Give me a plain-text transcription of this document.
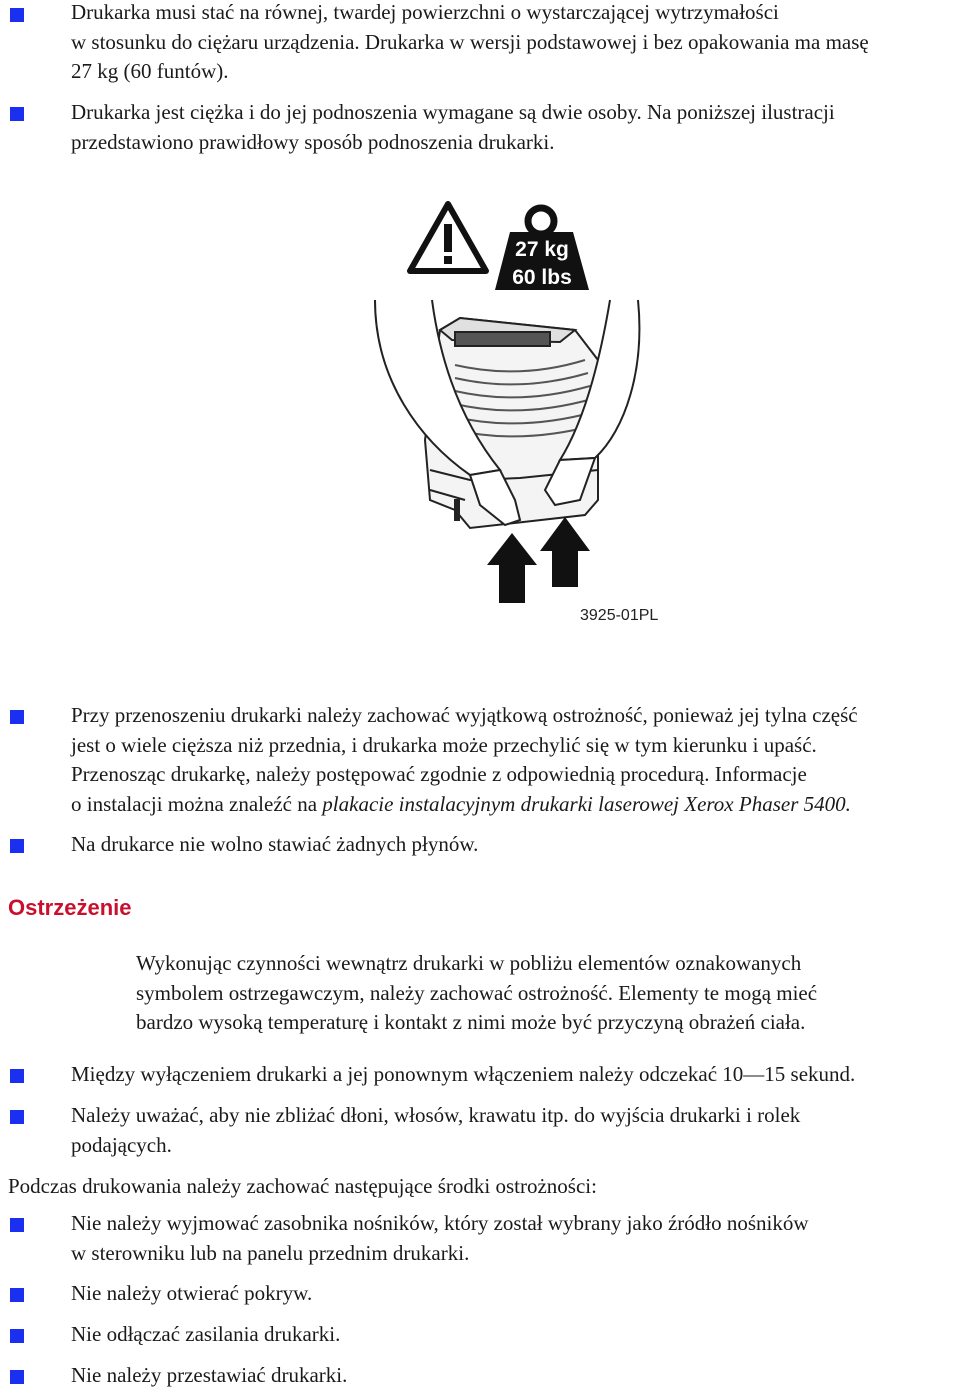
Drukarka musi stać na równej, twardej powierzchni o wystarczającej wytrzymałości

w stosunku do ciężaru urządzenia. Drukarka w wersji podstawowej i bez opakowania ma masę

27 kg (60 funtów).

Drukarka jest ciężka i do jej podnoszenia wymagane są dwie osoby. Na poniższej ilustracji

przedstawiono prawidłowy sposób podnoszenia drukarki.

27 kg
60 lbs
3925-01PL

Przy przenoszeniu drukarki należy zachować wyjątkową ostrożność, ponieważ jej tylna część

jest o wiele cięższa niż przednia, i drukarka może przechylić się w tym kierunku i upaść.

Przenosząc drukarkę, należy postępować zgodnie z odpowiednią procedurą. Informacje

o instalacji można znaleźć na plakacie instalacyjnym drukarki laserowej Xerox Phaser 5400.

Na drukarce nie wolno stawiać żadnych płynów.

Ostrzeżenie

Wykonując czynności wewnątrz drukarki w pobliżu elementów oznakowanych

symbolem ostrzegawczym, należy zachować ostrożność. Elementy te mogą mieć

bardzo wysoką temperaturę i kontakt z nimi może być przyczyną obrażeń ciała.

Między wyłączeniem drukarki a jej ponownym włączeniem należy odczekać 10—15 sekund.

Należy uważać, aby nie zbliżać dłoni, włosów, krawatu itp. do wyjścia drukarki i rolek

podających.

Podczas drukowania należy zachować następujące środki ostrożności:

Nie należy wyjmować zasobnika nośników, który został wybrany jako źródło nośników

w sterowniku lub na panelu przednim drukarki.

Nie należy otwierać pokryw.

Nie odłączać zasilania drukarki.

Nie należy przestawiać drukarki.
